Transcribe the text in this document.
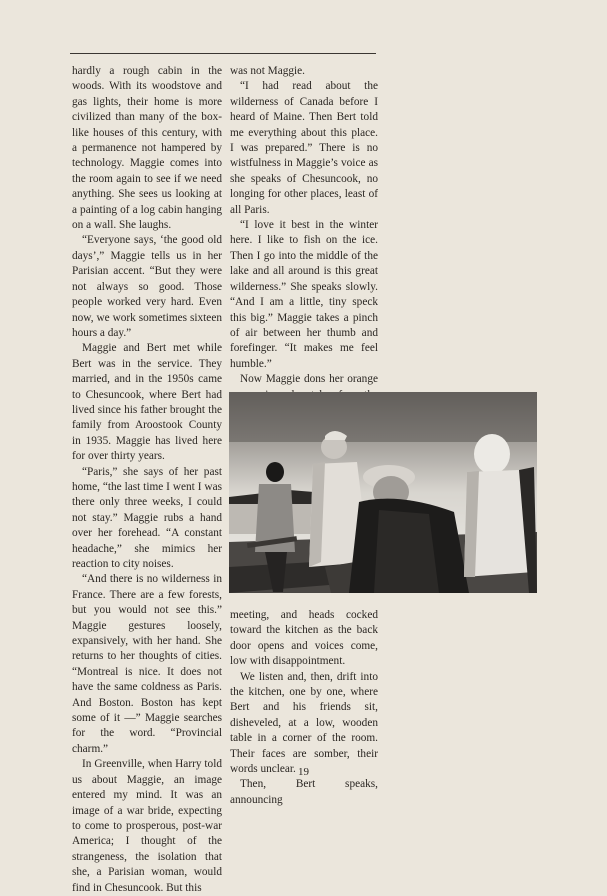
hardly a rough cabin in the woods. With its woodstove and gas lights, their home is more civilized than many of the box-like houses of this century, with a permanence not hampered by technology. Maggie comes into the room again to see if we need anything. She sees us looking at a painting of a log cabin hanging on a wall. She laughs.

“Everyone says, ‘the good old days’,” Maggie tells us in her Parisian accent. “But they were not always so good. Those people worked very hard. Even now, we work sometimes sixteen hours a day.”

Maggie and Bert met while Bert was in the service. They married, and in the 1950s came to Chesuncook, where Bert had lived since his father brought the family from Aroostook County in 1935. Maggie has lived here for over thirty years.

“Paris,” she says of her past home, “the last time I went I was there only three weeks, I could not stay.” Maggie rubs a hand over her forehead. “A constant headache,” she mimics her reaction to city noises.

“And there is no wilderness in France. There are a few forests, but you would not see this.” Maggie gestures loosely, expansively, with her hand. She returns to her thoughts of cities. “Montreal is nice. It does not have the same coldness as Paris. And Boston. Boston has kept some of it —” Maggie searches for the word. “Provincial charm.”

In Greenville, when Harry told us about Maggie, an image entered my mind. It was an image of a war bride, expecting to come to prosperous, post-war America; I thought of the strangeness, the isolation that she, a Parisian woman, would find in Chesuncook. But this

was not Maggie.

“I had read about the wilderness of Canada before I heard of Maine. Then Bert told me everything about this place. I was prepared.” There is no wistfulness in Maggie’s voice as she speaks of Chesuncook, no longing for other places, least of all Paris.

“I love it best in the winter here. I like to fish on the ice. Then I go into the middle of the lake and all around is this great wilderness.” She speaks slowly. “And I am a little, tiny speck this big.” Maggie takes a pinch of air between her thumb and forefinger. “It makes me feel humble.”

Now Maggie dons her orange

meeting, and heads cocked toward the kitchen as the back door opens and voices come, low with disappointment.

We listen and, then, drift into the kitchen, one by one, where Bert and his friends sit, disheveled, at a low, wooden table in a corner of the room. Their faces are somber, their words unclear.

Then, Bert speaks, announcing

19
